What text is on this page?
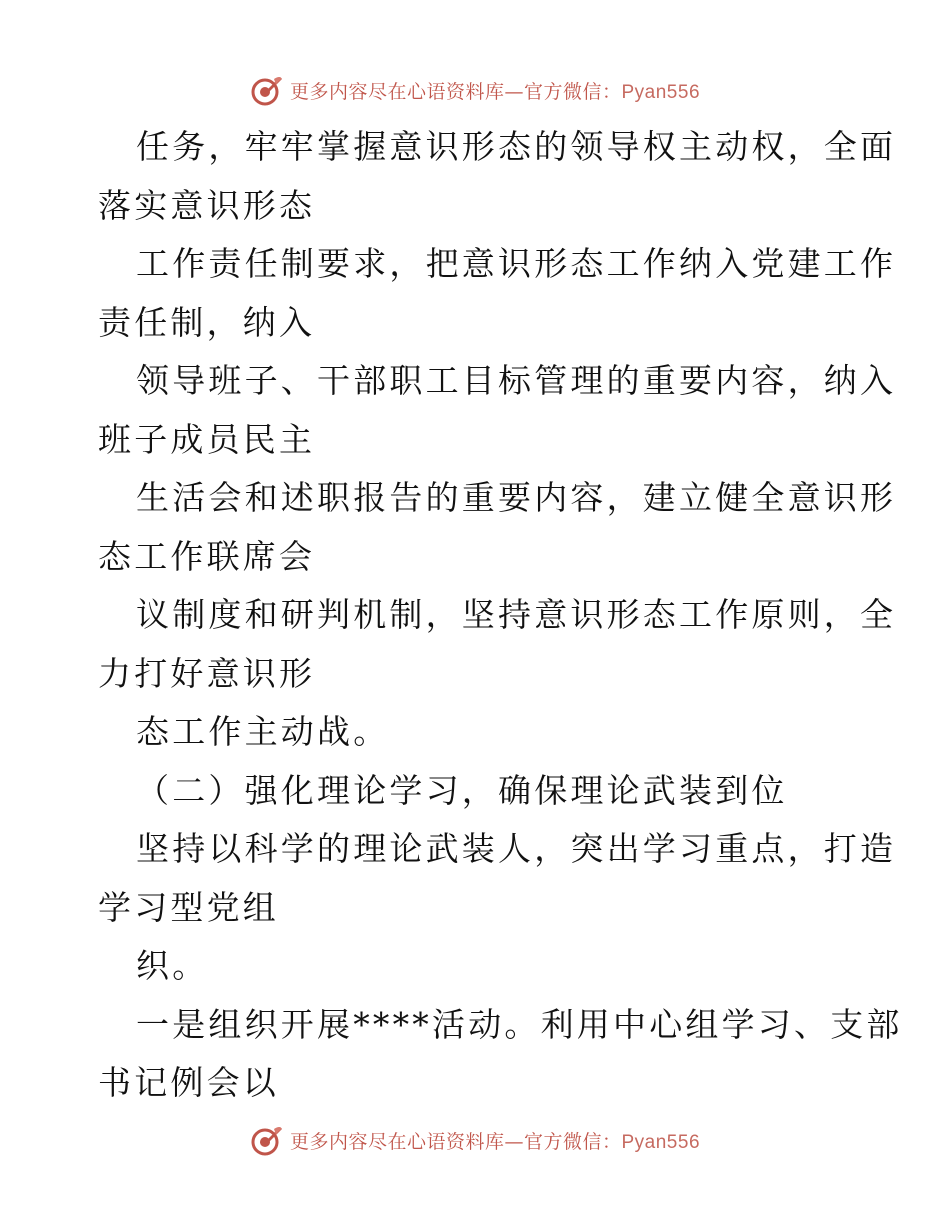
更多内容尽在心语资料库—官方微信：Pyan556
任务，牢牢掌握意识形态的领导权主动权，全面
落实意识形态
工作责任制要求，把意识形态工作纳入党建工作
责任制，纳入
领导班子、干部职工目标管理的重要内容，纳入
班子成员民主
生活会和述职报告的重要内容，建立健全意识形
态工作联席会
议制度和研判机制，坚持意识形态工作原则，全
力打好意识形
态工作主动战。
（二）强化理论学习，确保理论武装到位
坚持以科学的理论武装人，突出学习重点，打造
学习型党组
织。
一是组织开展****活动。利用中心组学习、支部
书记例会以
更多内容尽在心语资料库—官方微信：Pyan556
